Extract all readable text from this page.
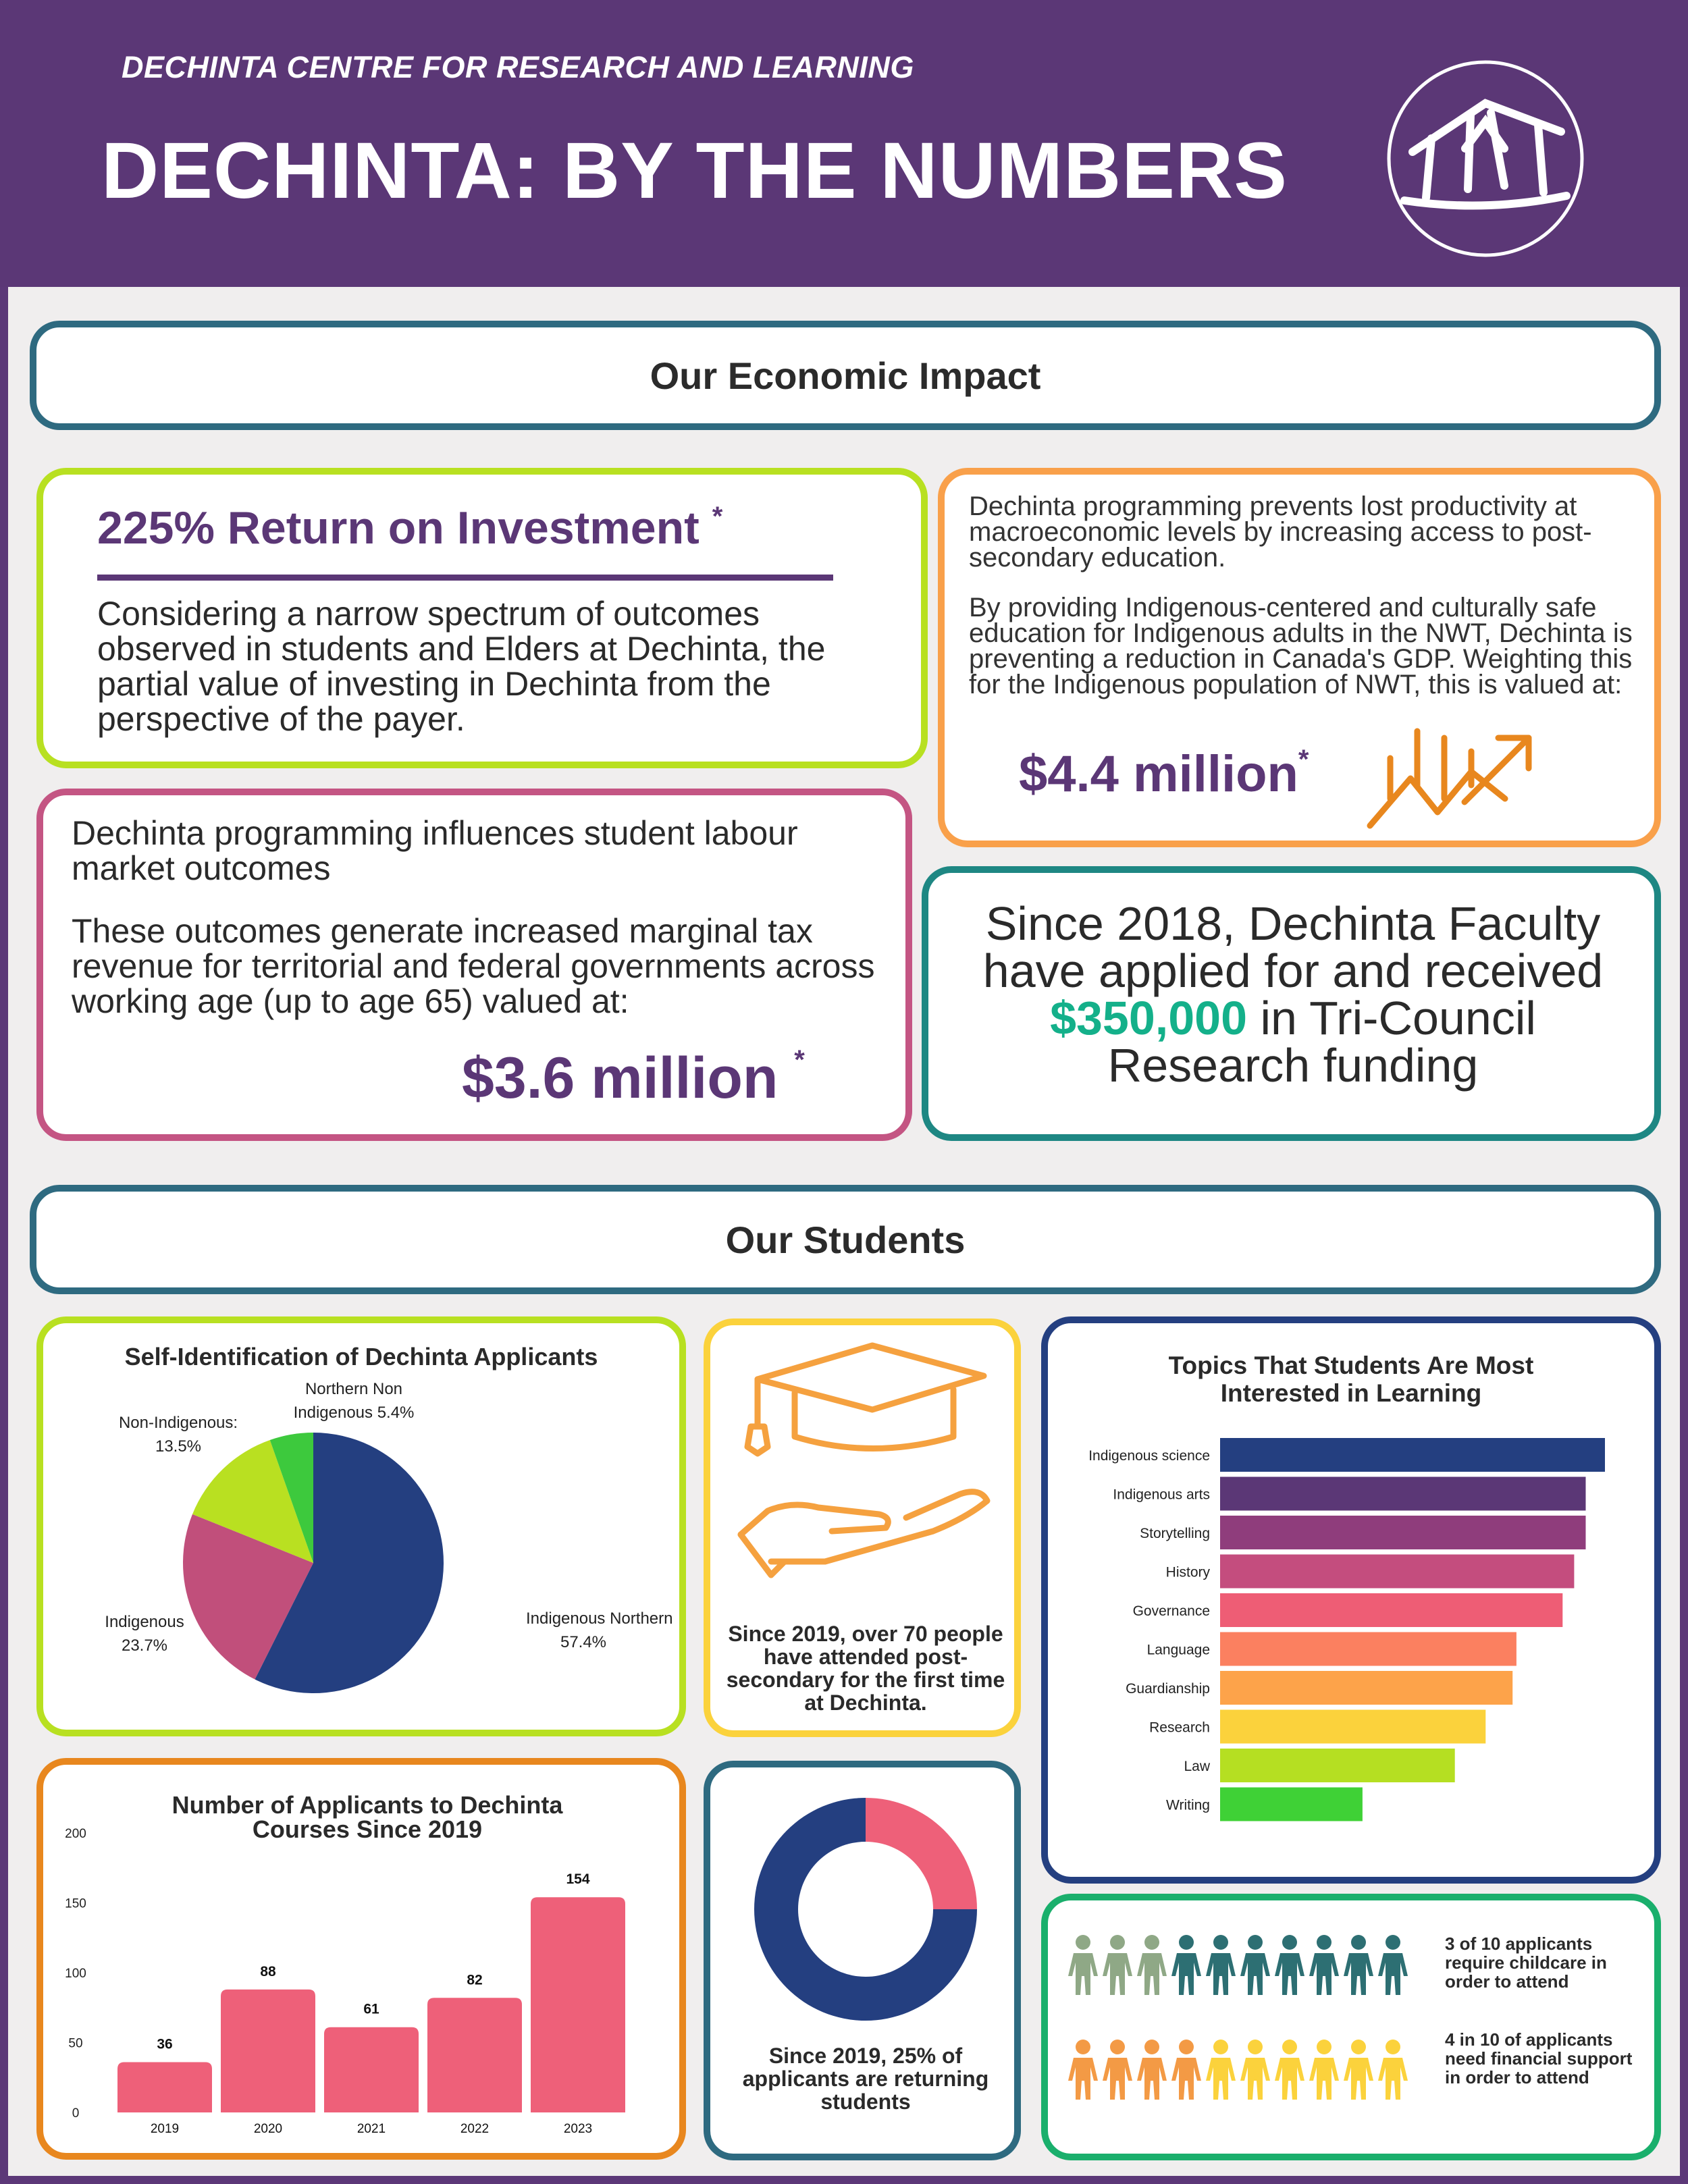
DECHINTA CENTRE FOR RESEARCH AND LEARNING
DECHINTA: BY THE NUMBERS
Our Economic Impact
225% Return on Investment *
Considering a narrow spectrum of outcomes observed in students and Elders at Dechinta, the partial value of investing in Dechinta from the perspective of the payer.
Dechinta programming prevents lost productivity at macroeconomic levels by increasing access to post-secondary education.
By providing Indigenous-centered and culturally safe education for Indigenous adults in the NWT, Dechinta is preventing a reduction in Canada's GDP. Weighting this for the Indigenous population of NWT, this is valued at:
$4.4 million*
Dechinta programming influences student labour market outcomes
These outcomes generate increased marginal tax revenue for territorial and federal governments across working age (up to age 65) valued at:
$3.6 million *
Since 2018, Dechinta Faculty have applied for and received $350,000 in Tri-Council Research funding
Our Students
Self-Identification of Dechinta Applicants
Indigenous Northern
57.4%
Indigenous
23.7%
Non-Indigenous:
13.5%
Northern Non
Indigenous 5.4%
Since 2019, over 70 people have attended post-secondary for the first time at Dechinta.
Topics That Students Are Most
Interested in Learning
Indigenous science
Indigenous arts
Storytelling
History
Governance
Language
Guardianship
Research
Law
Writing
Number of Applicants to Dechinta
Courses Since 2019
0
50
100
150
200
36
2019
88
2020
61
2021
82
2022
154
2023
Since 2019, 25% of applicants are returning students
3 of 10 applicants require childcare in order to attend
4 in 10 of applicants need financial support in order to attend
